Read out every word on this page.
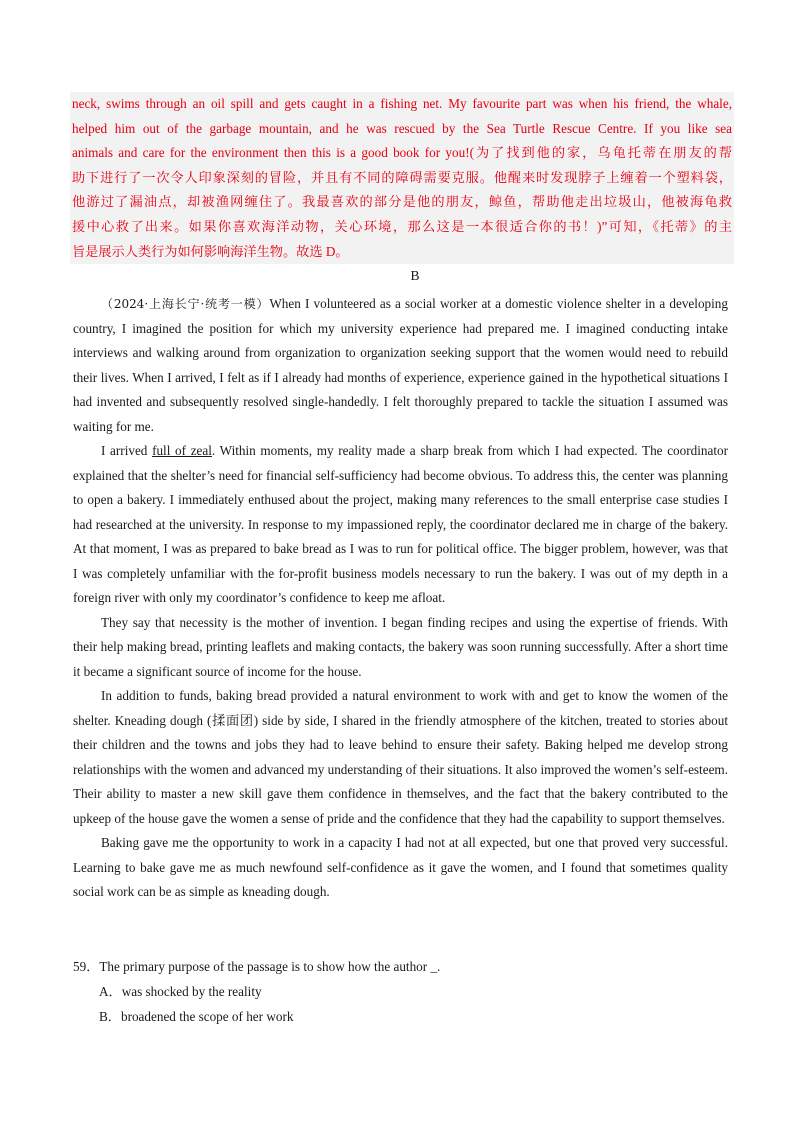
neck, swims through an oil spill and gets caught in a fishing net. My favourite part was when his friend, the whale,
helped him out of the garbage mountain, and he was rescued by the Sea Turtle Rescue Centre. If you like sea
animals and care for the environment then this is a good book for you!(为了找到他的家，乌龟托蒂在朋友的帮
助下进行了一次令人印象深刻的冒险，并且有不同的障碍需要克服。他醒来时发现脖子上缠着一个塑料袋，
他游过了漏油点，却被渔网缠住了。我最喜欢的部分是他的朋友，鲸鱼，帮助他走出垃圾山，他被海龟救
援中心救了出来。如果你喜欢海洋动物，关心环境，那么这是一本很适合你的书！)”可知，《托蒂》的主
旨是展示人类行为如何影响海洋生物。故选 D。
B

（2024·上海长宁·统考一模）When I volunteered as a social worker at a domestic violence shelter in a developing country, I imagined the position for which my university experience had prepared me. I imagined conducting intake interviews and walking around from organization to organization seeking support that the women would need to rebuild their lives. When I arrived, I felt as if I already had months of experience, experience gained in the hypothetical situations I had invented and subsequently resolved single-handedly. I felt thoroughly prepared to tackle the situation I assumed was waiting for me.

I arrived full of zeal. Within moments, my reality made a sharp break from which I had expected. The coordinator explained that the shelter’s need for financial self-sufficiency had become obvious. To address this, the center was planning to open a bakery. I immediately enthused about the project, making many references to the small enterprise case studies I had researched at the university. In response to my impassioned reply, the coordinator declared me in charge of the bakery. At that moment, I was as prepared to bake bread as I was to run for political office. The bigger problem, however, was that I was completely unfamiliar with the for-profit business models necessary to run the bakery. I was out of my depth in a foreign river with only my coordinator’s confidence to keep me afloat.

They say that necessity is the mother of invention. I began finding recipes and using the expertise of friends. With their help making bread, printing leaflets and making contacts, the bakery was soon running successfully. After a short time it became a significant source of income for the house.

In addition to funds, baking bread provided a natural environment to work with and get to know the women of the shelter. Kneading dough (揉面团) side by side, I shared in the friendly atmosphere of the kitchen, treated to stories about their children and the towns and jobs they had to leave behind to ensure their safety. Baking helped me develop strong relationships with the women and advanced my understanding of their situations. It also improved the women’s self-esteem. Their ability to master a new skill gave them confidence in themselves, and the fact that the bakery contributed to the upkeep of the house gave the women a sense of pride and the confidence that they had the capability to support themselves.

Baking gave me the opportunity to work in a capacity I had not at all expected, but one that proved very successful. Learning to bake gave me as much newfound self-confidence as it gave the women, and I found that sometimes quality social work can be as simple as kneading dough.

59．The primary purpose of the passage is to show how the author _.
A．was shocked by the reality
B．broadened the scope of her work
